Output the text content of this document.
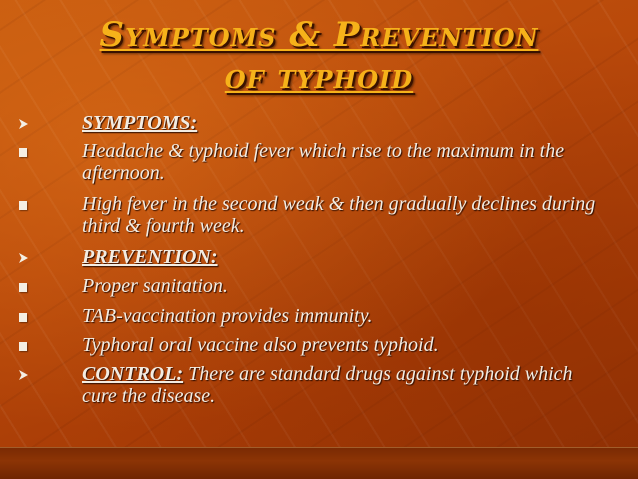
Symptoms & Prevention
of typhoid
SYMPTOMS:
Headache & typhoid fever which rise to the maximum in the afternoon.
High fever in the second weak & then gradually declines during third & fourth week.
PREVENTION:
Proper sanitation.
TAB-vaccination provides immunity.
Typhoral oral vaccine also prevents typhoid.
CONTROL: There are standard drugs against typhoid which cure the disease.
